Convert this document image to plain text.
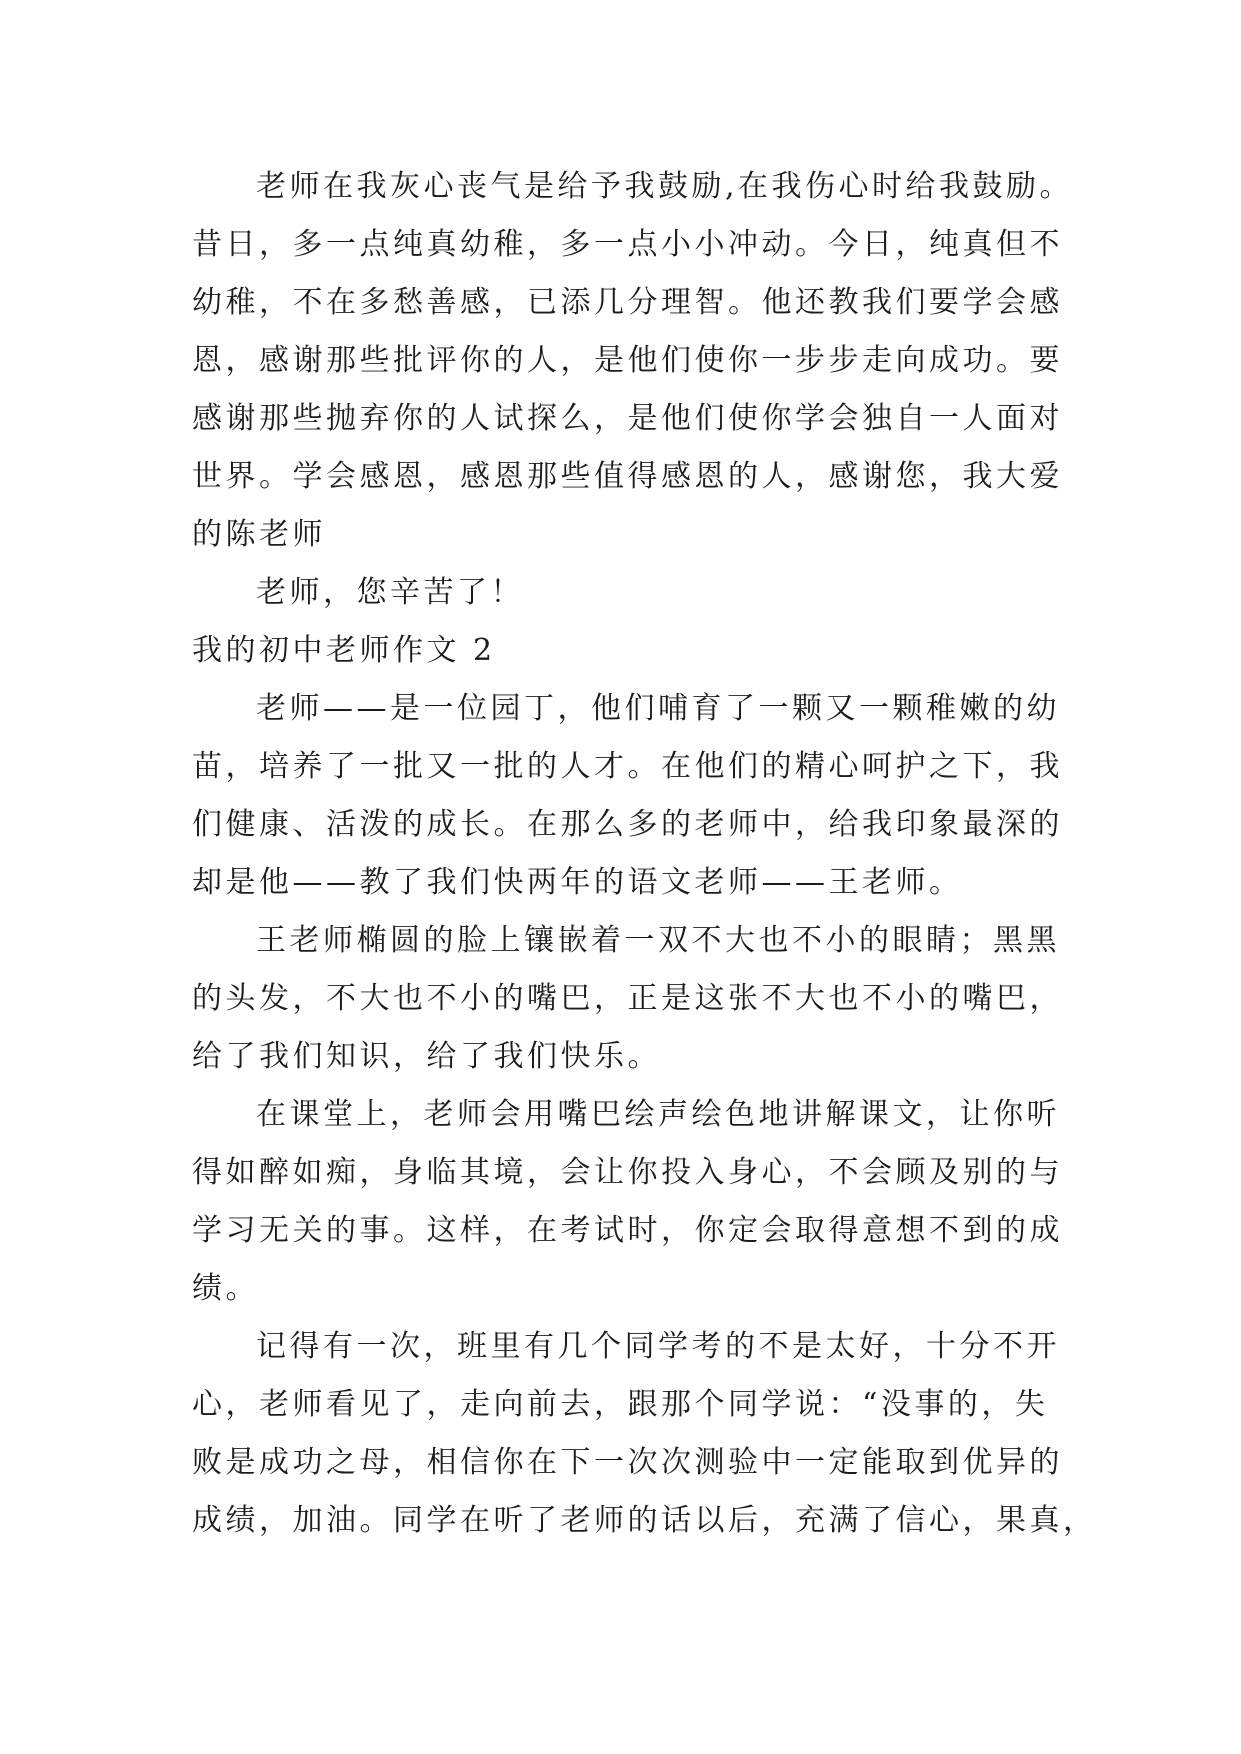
老师在我灰心丧气是给予我鼓励,在我伤心时给我鼓励。
昔日，多一点纯真幼稚，多一点小小冲动。今日，纯真但不
幼稚，不在多愁善感，已添几分理智。他还教我们要学会感
恩，感谢那些批评你的人，是他们使你一步步走向成功。要
感谢那些抛弃你的人试探么，是他们使你学会独自一人面对
世界。学会感恩，感恩那些值得感恩的人，感谢您，我大爱
的陈老师

老师，您辛苦了！

我的初中老师作文 2

老师——是一位园丁，他们哺育了一颗又一颗稚嫩的幼
苗，培养了一批又一批的人才。在他们的精心呵护之下，我
们健康、活泼的成长。在那么多的老师中，给我印象最深的
却是他——教了我们快两年的语文老师——王老师。

王老师椭圆的脸上镶嵌着一双不大也不小的眼睛；黑黑
的头发，不大也不小的嘴巴，正是这张不大也不小的嘴巴，
给了我们知识，给了我们快乐。

在课堂上，老师会用嘴巴绘声绘色地讲解课文，让你听
得如醉如痴，身临其境，会让你投入身心，不会顾及别的与
学习无关的事。这样，在考试时，你定会取得意想不到的成
绩。

记得有一次，班里有几个同学考的不是太好，十分不开
心，老师看见了，走向前去，跟那个同学说：“没事的，失
败是成功之母，相信你在下一次次测验中一定能取到优异的
成绩，加油。同学在听了老师的话以后，充满了信心，果真，
